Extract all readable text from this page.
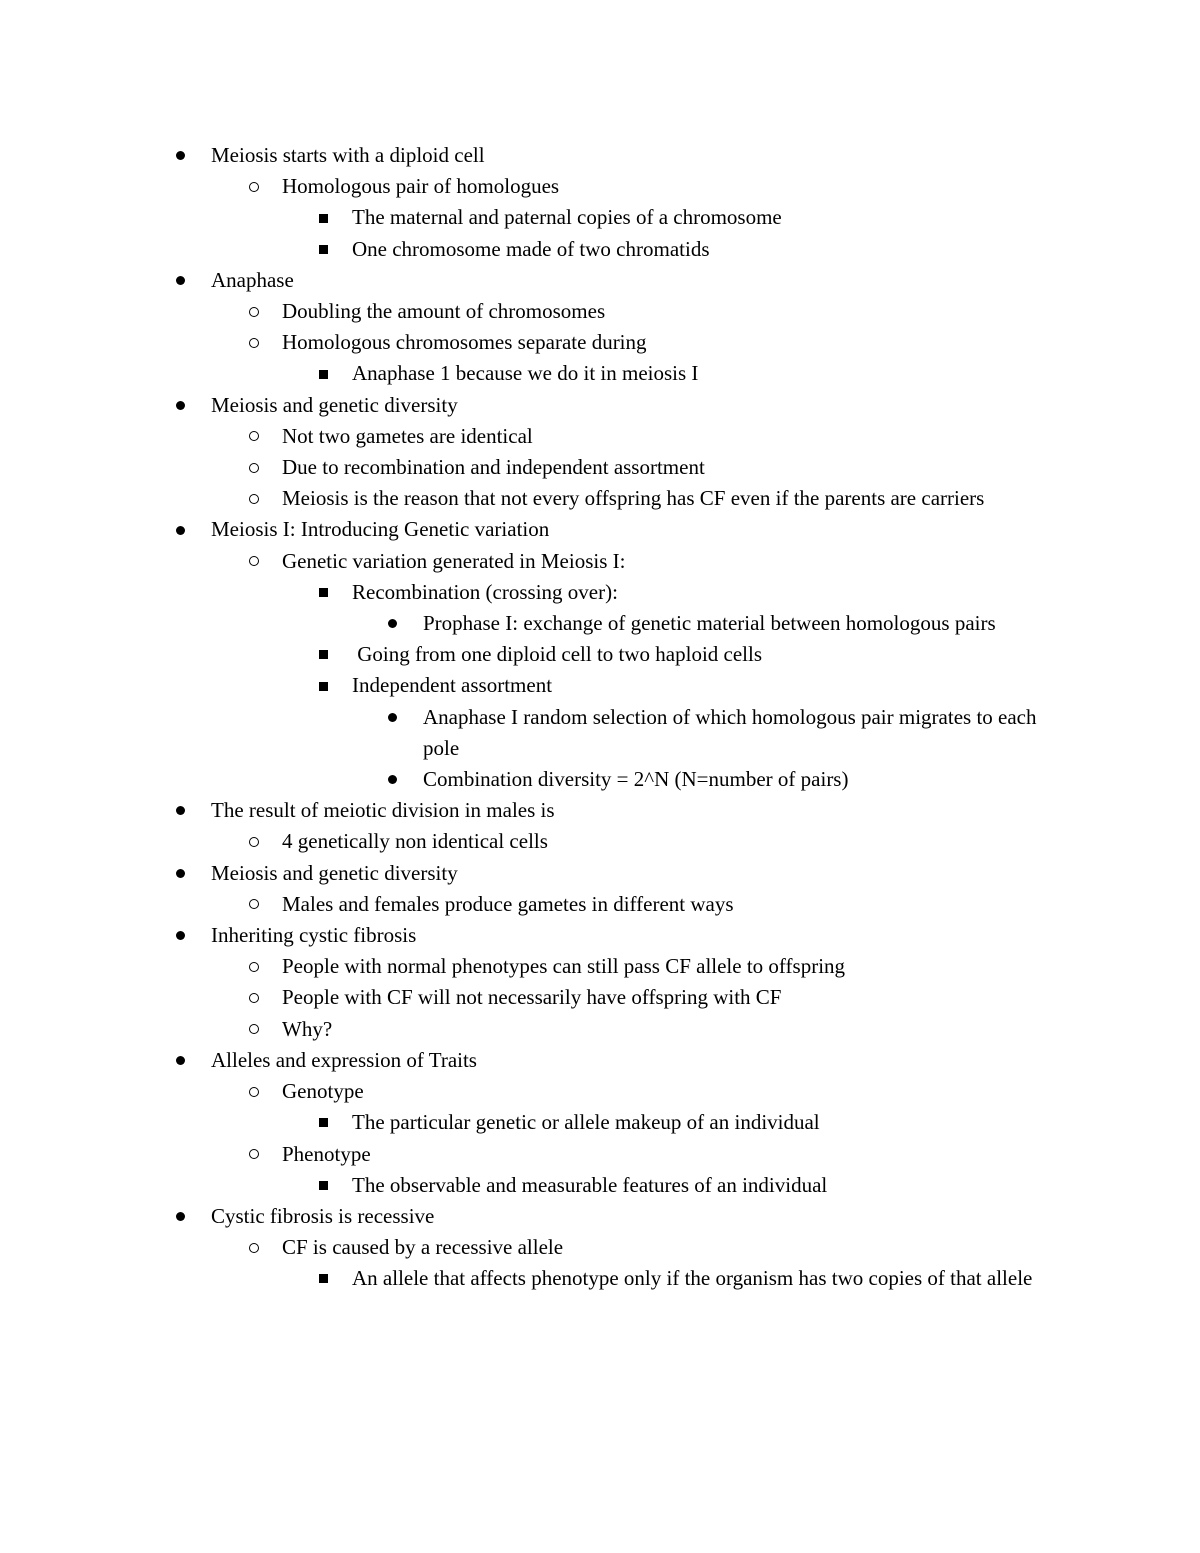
Meiosis starts with a diploid cell
Homologous pair of homologues
The maternal and paternal copies of a chromosome
One chromosome made of two chromatids
Anaphase
Doubling the amount of chromosomes
Homologous chromosomes separate during
Anaphase 1 because we do it in meiosis I
Meiosis and genetic diversity
Not two gametes are identical
Due to recombination and independent assortment
Meiosis is the reason that not every offspring has CF even if the parents are carriers
Meiosis I: Introducing Genetic variation
Genetic variation generated in Meiosis I:
Recombination (crossing over):
Prophase I: exchange of genetic material between homologous pairs
Going from one diploid cell to two haploid cells
Independent assortment
Anaphase I random selection of which homologous pair migrates to each pole
Combination diversity = 2^N (N=number of pairs)
The result of meiotic division in males is
4 genetically non identical cells
Meiosis and genetic diversity
Males and females produce gametes in different ways
Inheriting cystic fibrosis
People with normal phenotypes can still pass CF allele to offspring
People with CF will not necessarily have offspring with CF
Why?
Alleles and expression of Traits
Genotype
The particular genetic or allele makeup of an individual
Phenotype
The observable and measurable features of an individual
Cystic fibrosis is recessive
CF is caused by a recessive allele
An allele that affects phenotype only if the organism has two copies of that allele
